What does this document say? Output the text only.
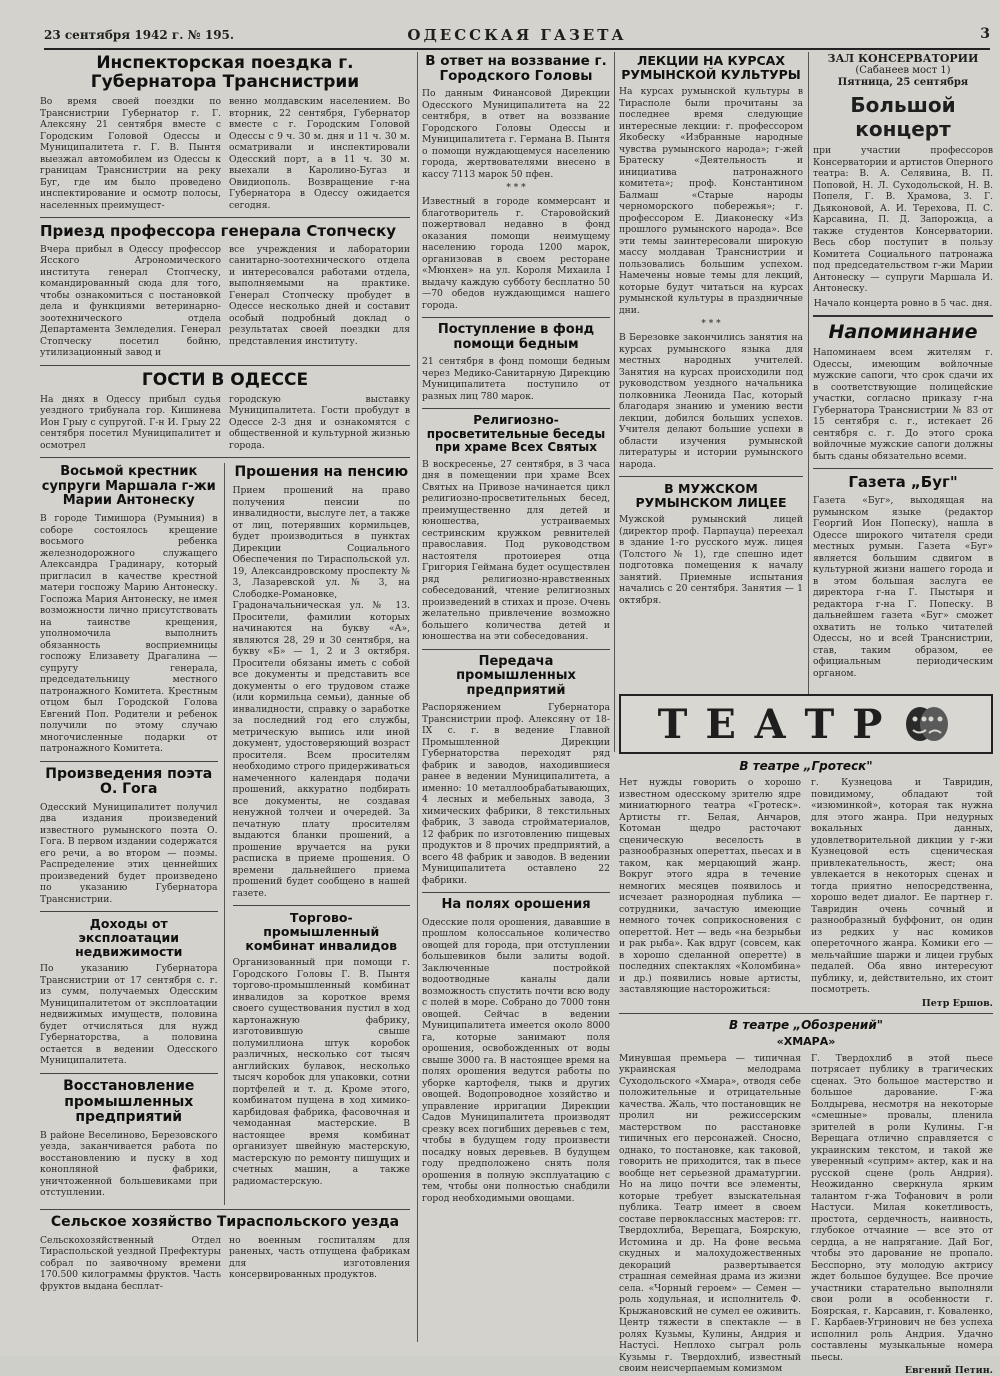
23 сентября 1942 г. № 195.	ОДЕССКАЯ ГАЗЕТА	3
Инспекторская поездка г. Губернатора Транснистрии

Во время своей поездки по Транснистрии Губернатор г. Г. Алексяну 21 сентября вместе с Городским Головой Одессы и Муниципалитета г. Г. В. Пынтя выезжал автомобилем из Одессы к границам Транснистрии на реку Буг, где им было проведено инспектирование и осмотр полосы, населенных преимущест-

венно молдавским населением. Во вторник, 22 сентября, Губернатор вместе с г. Городским Головой Одессы с 9 ч. 30 м. дня и 11 ч. 30 м. осматривали и инспектировали Одесский порт, а в 11 ч. 30 м. выехали в Каролино-Бугаз и Овидиополь. Возвращение г-на Губернатора в Одессу ожидается сегодня.

Приезд профессора генерала Стопческу

Вчера прибыл в Одессу профессор Ясского Агрономического института генерал Стопческу, командированный сюда для того, чтобы ознакомиться с постановкой дела и функциями ветеринарно-зоотехнического отдела Департамента Земледелия. Генерал Стопческу посетил бойню, утилизационный завод и

все учреждения и лаборатории санитарно-зоотехнического отдела и интересовался работами отдела, выполняемыми на практике. Генерал Стопческу пробудет в Одессе несколько дней и составит особый подробный доклад о результатах своей поездки для представления институту.

ГОСТИ В ОДЕССЕ

На днях в Одессу прибыл судья уездного трибунала гор. Кишинева Ион Грыу с супругой. Г-н И. Грыу 22 сентября посетил Муниципалитет и осмотрел

городскую выставку Муниципалитета. Гости пробудут в Одессе 2-3 дня и ознакомятся с общественной и культурной жизнью города.

Восьмой крестник супруги Маршала г-жи Марии Антонеску

В городе Тимишора (Румыния) в соборе состоялось крещение восьмого ребенка железнодорожного служащего Александра Градинару, который пригласил в качестве крестной матери госпожу Марию Антонеску. Госпожа Мария Антонеску, не имея возможности лично присутствовать на таинстве крещения, уполномочила выполнить обязанность восприемницы госпожу Елизавету Драгалина — супругу генерала, председательницу местного патронажного Комитета. Крестным отцом был Городской Голова Евгений Поп. Родители и ребенок получили по этому случаю многочисленные подарки от патронажного Комитета.

Произведения поэта О. Гога

Одесский Муниципалитет получил два издания произведений известного румынского поэта О. Гога. В первом издании содержатся его речи, а во втором — поэмы. Распределение этих ценнейших произведений будет произведено по указанию Губернатора Транснистрии.

Доходы от эксплоатации недвижимости

По указанию Губернатора Транснистрии от 17 сентября с. г. из сумм, получаемых Одесским Муниципалитетом от эксплоатации недвижимых имуществ, половина будет отчисляться для нужд Губернаторства, а половина остается в ведении Одесского Муниципалитета.

Восстановление промышленных предприятий

В районе Веселиново, Березовского уезда, заканчивается работа по восстановлению и пуску в ход конопляной фабрики, уничтоженной большевиками при отступлении.

Прошения на пенсию

Прием прошений на право получения пенсии по инвалидности, выслуге лет, а также от лиц, потерявших кормильцев, будет производиться в пунктах Дирекции Социального Обеспечения по Тираспольской ул. 19, Александровскому проспекту № 3, Лазаревской ул. № 3, на Слободке-Романовке, Градоначальническая ул. № 13. Просители, фамилии которых начинаются на букву «А», являются 28, 29 и 30 сентября, на букву «Б» — 1, 2 и 3 октября. Просители обязаны иметь с собой все документы и представить все документы о его трудовом стаже (или кормильца семьи), данные об инвалидности, справку о заработке за последний год его службы, метрическую выпись или иной документ, удостоверяющий возраст просителя. Всем просителям необходимо строго придерживаться намеченного календаря подачи прошений, аккуратно подбирать все документы, не создавая ненужной толчеи и очередей. За печатную плату просителям выдаются бланки прошений, а прошение вручается на руки расписка в приеме прошения. О времени дальнейшего приема прошений будет сообщено в нашей газете.

Торгово-промышленный комбинат инвалидов

Организованный при помощи г. Городского Головы Г. В. Пынтя торгово-промышленный комбинат инвалидов за короткое время своего существования пустил в ход картонажную фабрику, изготовившую свыше полумиллиона штук коробок различных, несколько сот тысяч английских булавок, несколько тысяч коробок для упаковки, сотни портфелей и т. д. Кроме этого, комбинатом пущена в ход химико-карбидовая фабрика, фасовочная и чемоданная мастерские. В настоящее время комбинат организует швейную мастерскую, мастерскую по ремонту пишущих и счетных машин, а также радиомастерскую.

Сельское хозяйство Тираспольского уезда

Сельскохозяйственный Отдел Тираспольской уездной Префектуры собрал по заявочному времени 170.500 килограммы фруктов. Часть фруктов выдана бесплат-

но военным госпиталям для раненых, часть отпущена фабрикам для изготовления консервированных продуктов.

В ответ на воззвание г. Городского Головы

По данным Финансовой Дирекции Одесского Муниципалитета на 22 сентября, в ответ на воззвание Городского Головы Одессы и Муниципалитета г. Германа В. Пынтя о помощи нуждающемуся населению города, жертвователями внесено в кассу 7113 марок 50 пфен.

* * *

Известный в городе коммерсант и благотворитель г. Старовойский пожертвовал недавно в фонд оказания помощи неимущему населению города 1200 марок, организовав в своем ресторане «Мюнхен» на ул. Короля Михаила I выдачу каждую субботу бесплатно 50—70 обедов нуждающимся нашего города.

Поступление в фонд помощи бедным

21 сентября в фонд помощи бедным через Медико-Санитарную Дирекцию Муниципалитета поступило от разных лиц 780 марок.

Религиозно-просветительные беседы при храме Всех Святых

В воскресенье, 27 сентября, в 3 часа дня в помещении при храме Всех Святых на Привозе начинается цикл религиозно-просветительных бесед, преимущественно для детей и юношества, устраиваемых сестринским кружком ревнителей православия. Под руководством настоятеля протоиерея отца Григория Геймана будет осуществлен ряд религиозно-нравственных собеседований, чтение религиозных произведений в стихах и прозе. Очень желательно привлечение возможно большего количества детей и юношества на эти собеседования.

Передача промышленных предприятий

Распоряжением Губернатора Транснистрии проф. Алексяну от 18-IX с. г. в ведение Главной Промышленной Дирекции Губернаторства переходят ряд фабрик и заводов, находившиеся ранее в ведении Муниципалитета, а именно: 10 металлообрабатывающих, 4 лесных и мебельных завода, 3 химических фабрики, 8 текстильных фабрик, 3 завода стройматериалов, 12 фабрик по изготовлению пищевых продуктов и 8 прочих предприятий, а всего 48 фабрик и заводов. В ведении Муниципалитета оставлено 22 фабрики.

На полях орошения

Одесские поля орошения, дававшие в прошлом колоссальное количество овощей для города, при отступлении большевиков были залиты водой. Заключенные постройкой водоотводные каналы дали возможность спустить почти всю воду с полей в море. Собрано до 7000 тонн овощей. Сейчас в ведении Муниципалитета имеется около 8000 га, которые занимают поля орошения, освобожденных от воды свыше 3000 га. В настоящее время на полях орошения ведутся работы по уборке картофеля, тыкв и других овощей. Водопроводное хозяйство и управление ирригации Дирекции Садов Муниципалитета производят срезку всех погибших деревьев с тем, чтобы в будущем году произвести посадку новых деревьев. В будущем году предположено снять поля орошения в полную эксплуатацию с тем, чтобы они полностью снабдили город необходимыми овощами.

ЛЕКЦИИ НА КУРСАХ РУМЫНСКОЙ КУЛЬТУРЫ

На курсах румынской культуры в Тирасполе были прочитаны за последнее время следующие интересные лекции: г. профессором Якобеску «Избранные народные чувства румынского народа»; г-жей Братеску «Деятельность и инициатива патронажного комитета»; проф. Константином Балмаш «Старые народы черноморского побережья»; г. профессором Е. Диаконеску «Из прошлого румынского народа». Все эти темы заинтересовали широкую массу молдаван Транснистрии и пользовались большим успехом. Намечены новые темы для лекций, которые будут читаться на курсах румынской культуры в праздничные дни.

* * *

В Березовке закончились занятия на курсах румынского языка для местных народных учителей. Занятия на курсах происходили под руководством уездного начальника полковника Леонида Пас, который благодаря знанию и умению вести лекции, добился больших успехов. Учителя делают большие успехи в области изучения румынской литературы и истории румынского народа.

В МУЖСКОМ РУМЫНСКОМ ЛИЦЕЕ

Мужской румынский лицей (директор проф. Парпауца) переехал в здание 1-го русского муж. лицея (Толстого № 1), где спешно идет подготовка помещения к началу занятий. Приемные испытания начались с 20 сентября. Занятия — 1 октября.

ЗАЛ КОНСЕРВАТОРИИ
(Сабанеев мост 1)
Пятница, 25 сентября
Большой концерт

при участии профессоров Консерватории и артистов Оперного театра: В. А. Селявина, В. П. Поповой, Н. Л. Суходольской, Н. В. Попеля, Г. В. Храмова, З. Г. Дьяконовой, А. И. Терехова, П. С. Карсавина, П. Д. Запорожца, а также студентов Консерватории. Весь сбор поступит в пользу Комитета Социального патронажа под председательством г-жи Марии Антонеску — супруги Маршала И. Антонеску.

Начало концерта ровно в 5 час. дня.

Напоминание

Напоминаем всем жителям г. Одессы, имеющим войлочные мужские сапоги, что срок сдачи их в соответствующие полицейские участки, согласно приказу г-на Губернатора Транснистрии № 83 от 15 сентября с. г., истекает 26 сентября с. г. До этого срока войлочные мужские сапоги должны быть сданы обязательно всеми.

Газета „Буг"

Газета «Буг», выходящая на румынском языке (редактор Георгий Ион Попеску), нашла в Одессе широкого читателя среди местных румын. Газета «Буг» является большим сдвигом в культурной жизни нашего города и в этом большая заслуга ее директора г-на Г. Пыстыря и редактора г-на Г. Попеску. В дальнейшем газета «Буг» сможет охватить не только читателей Одессы, но и всей Транснистрии, став, таким образом, ее официальным периодическим органом.

ТЕАТР
В театре „Гротеск"

Нет нужды говорить о хорошо известном одесскому зрителю ядре миниатюрного театра «Гротеск». Артисты гг. Белая, Анчаров, Котоман щедро расточают сценическую веселость в разнообразных опереттах, пьесах и в таком, как мерцающий жанр. Вокруг этого ядра в течение немногих месяцев появилось и исчезает разнородная публика — сотрудники, зачастую имеющие немного точек соприкосновения с опереттой. Нет — ведь «на безрыбьи и рак рыба». Как вдруг (совсем, как в хорошо сделанной оперетте) в последних спектаклях «Коломбина» и др.) появились новые артисты, заставляющие насторожиться:

г. Кузнецова и Тавридин, повидимому, обладают той «изюминкой», которая так нужна для этого жанра. При недурных вокальных данных, удовлетворительной дикции у г-жи Кузнецовой есть сценическая привлекательность, жест; она увлекается в некоторых сценах и тогда приятно непосредственна, хорошо ведет диалог. Ее партнер г. Тавридин очень сочный и разнообразный буффонит, он один из редких у нас комиков опереточного жанра. Комики его — мельчайшие шаржи и лицеи грубых педалей. Оба явно интересуют публику, и, действительно, их стоит посмотреть.

Петр Ершов.
В театре „Обозрений"
«ХМАРА»

Минувшая премьера — типичная украинская мелодрама Суходольского «Хмара», отводя себе положительные и отрицательные качества. Жаль, что постановщик не пролил ни режиссерским мастерством по расстановке типичных его персонажей. Сносно, однако, то постановке, как таковой, говорить не приходится, так в пьесе вообще нет серьезной драматургии. Но на лицо почти все элементы, которые требует взыскательная публика. Театр имеет в своем составе первоклассных мастеров: гг. Твердохлиба, Верещага, Боярскую, Истомина и др. На фоне весьма скудных и малохудожественных декораций развертывается страшная семейная драма из жизни села. «Чорный героем» — Семен — роль ходульная, и исполнитель Ф. Крыжановский не сумел ее оживить. Центр тяжести в спектакле — в ролях Кузьмы, Кулины, Андрия и Настусі. Неплохо сыграл роль Кузьмы г. Твердохлиб, известный своим неисчерпаемым комизмом

Г. Твердохлиб в этой пьесе потрясает публику в трагических сценах. Это большое мастерство и большое дарование. Г-жа Болдырева, несмотря на некоторые «смешные» провалы, пленила зрителей в роли Кулины. Г-н Верещага отлично справляется с украинским текстом, и такой же уверенный «суприм» актер, как и на русской сцене (роль Андрия). Неожиданно сверкнула ярким талантом г-жа Тофанович в роли Настуси. Милая кокетливость, простота, сердечность, наивность, глубокое отчаяние — все это от сердца, а не напрягание. Дай Бог, чтобы это дарование не пропало. Бесспорно, эту молодую актрису ждет большое будущее. Все прочие участники старательно выполняли свои роли в особенности г. Боярская, г. Карсавин, г. Коваленко, Г. Карбаев-Угринович не без успеха исполнил роль Андрия. Удачно составлены музыкальные номера пьесы.

Евгений Петин.
